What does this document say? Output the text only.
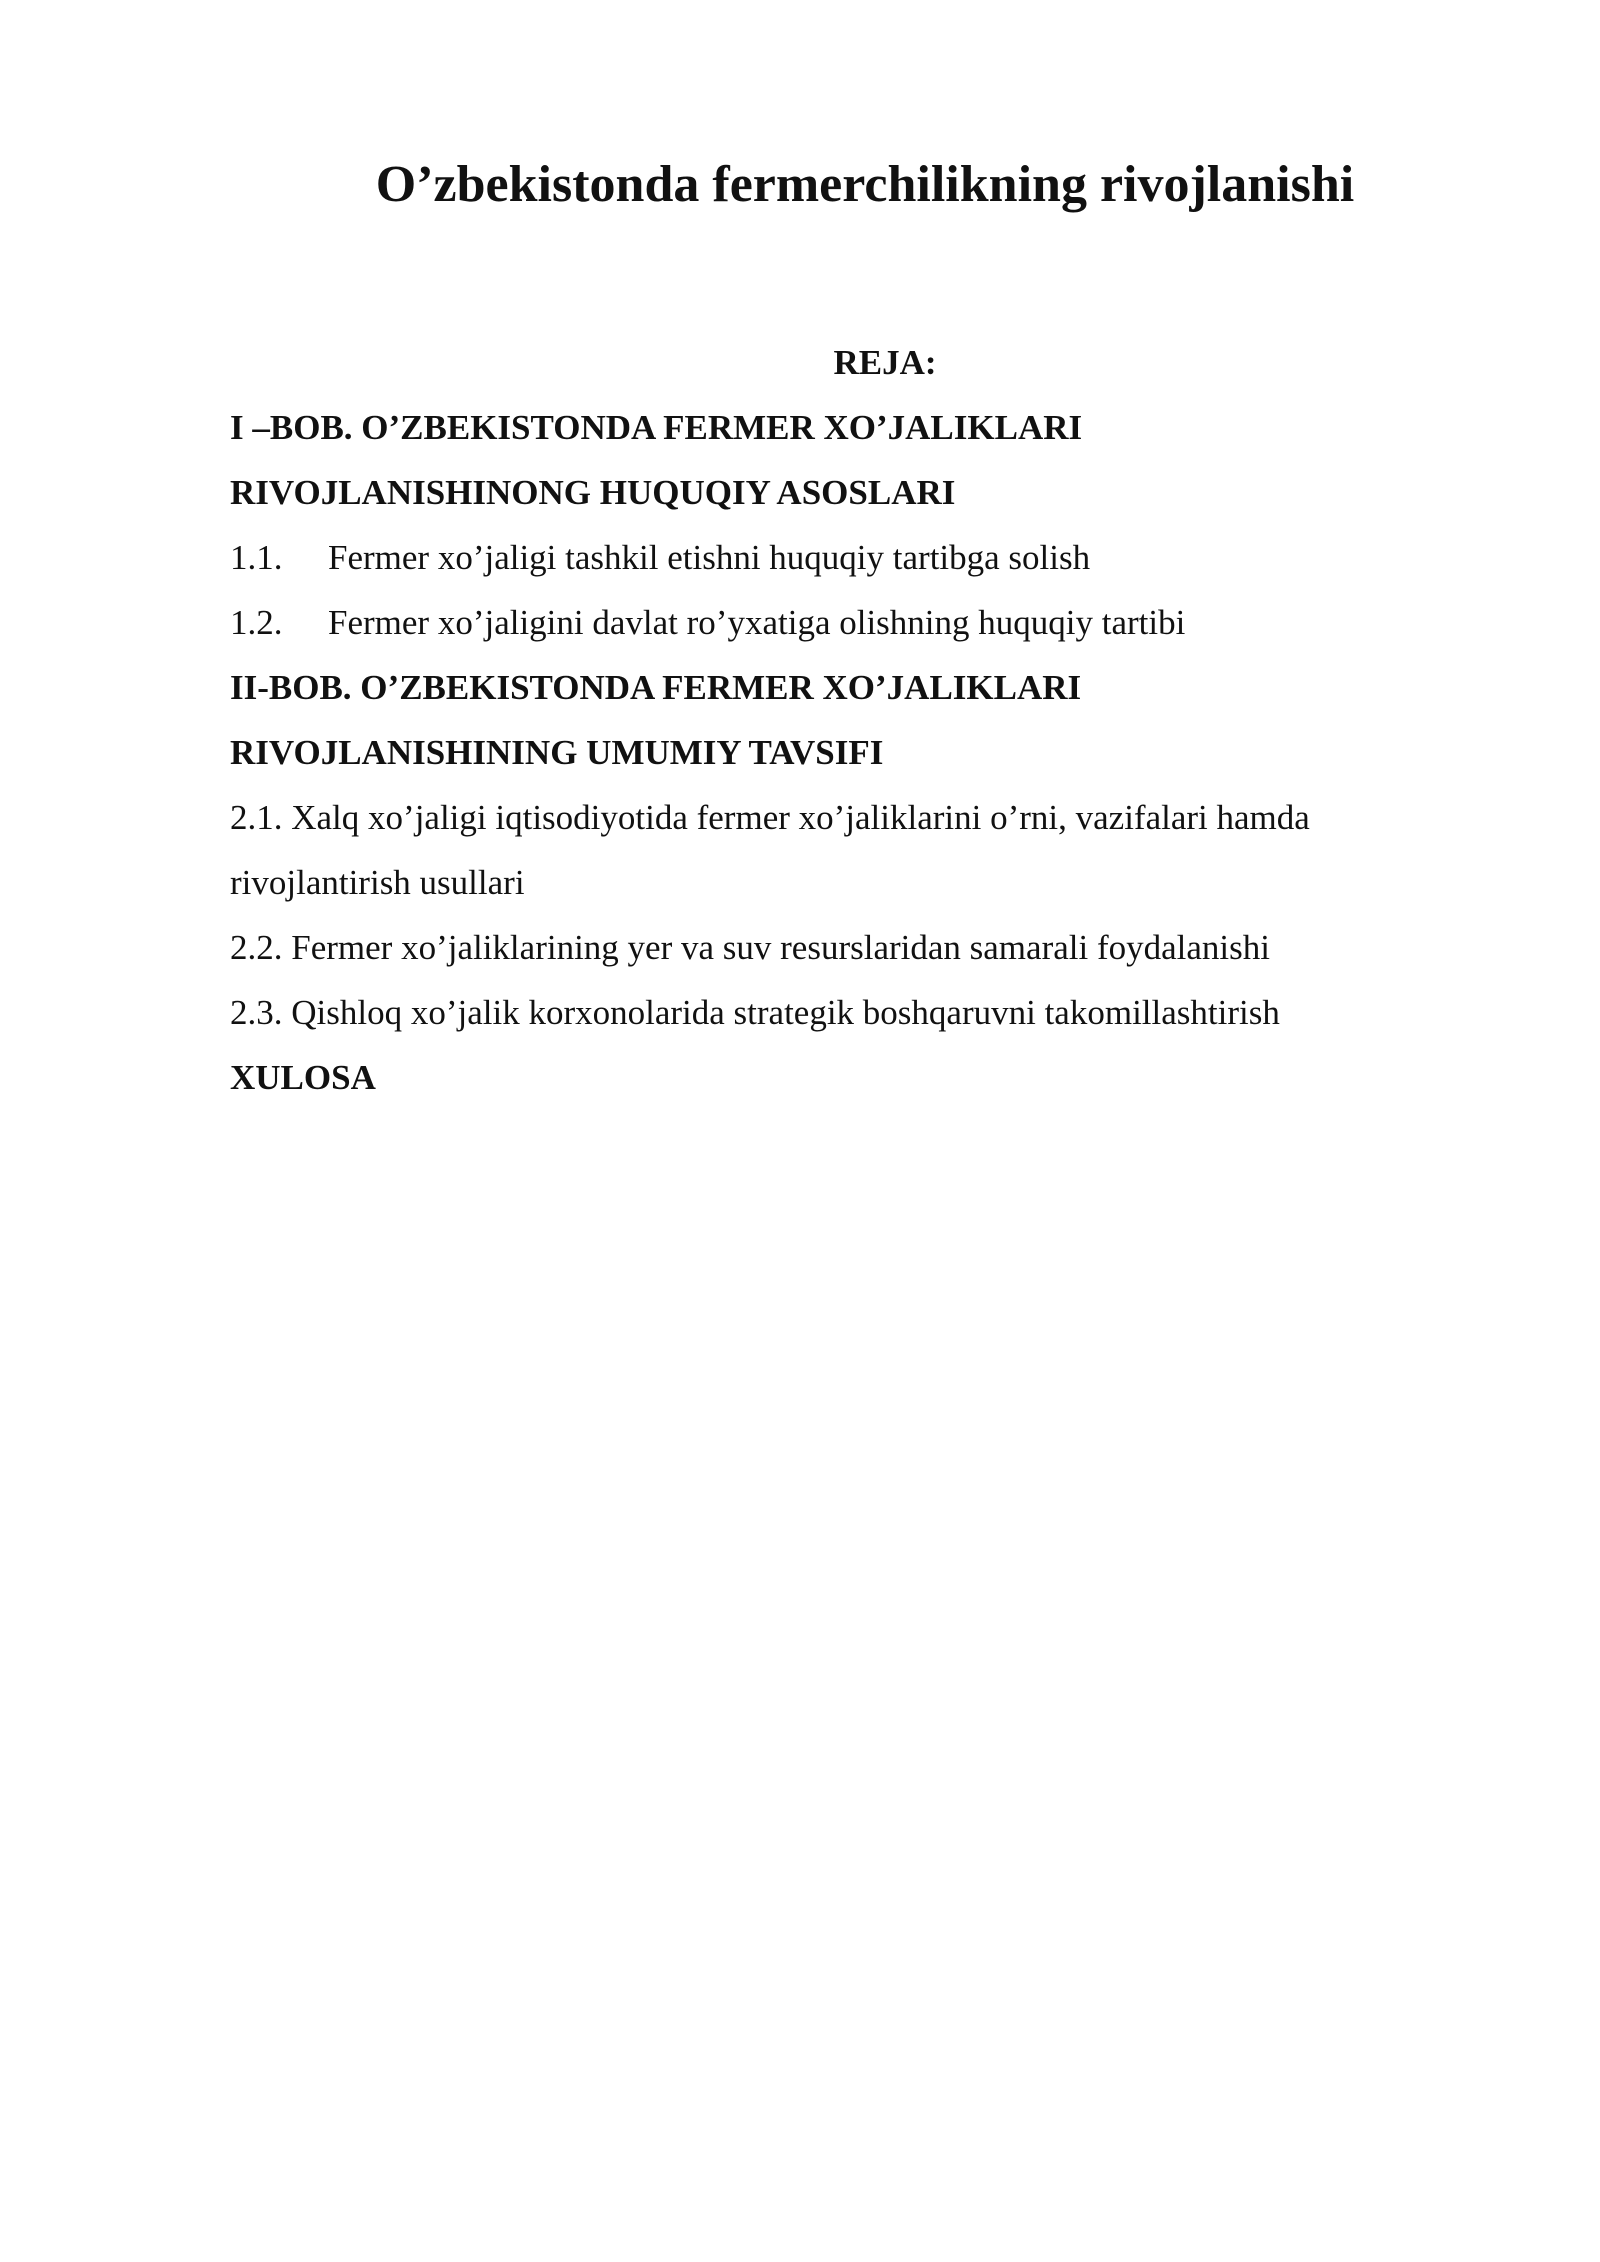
O’zbekistonda fermerchilikning rivojlanishi

REJA:

I –BOB. O’ZBEKISTONDA FERMER XO’JALIKLARI

RIVOJLANISHINONG HUQUQIY ASOSLARI

1.1.	Fermer xo’jaligi tashkil etishni huquqiy tartibga solish
1.2.	Fermer xo’jaligini davlat ro’yxatiga olishning huquqiy tartibi

II-BOB. O’ZBEKISTONDA FERMER XO’JALIKLARI

RIVOJLANISHINING UMUMIY TAVSIFI

2.1. Xalq xo’jaligi iqtisodiyotida fermer xo’jaliklarini o’rni, vazifalari hamda rivojlantirish usullari

2.2. Fermer xo’jaliklarining yer va suv resurslaridan samarali foydalanishi

2.3. Qishloq xo’jalik korxonolarida strategik boshqaruvni takomillashtirish

XULOSA
